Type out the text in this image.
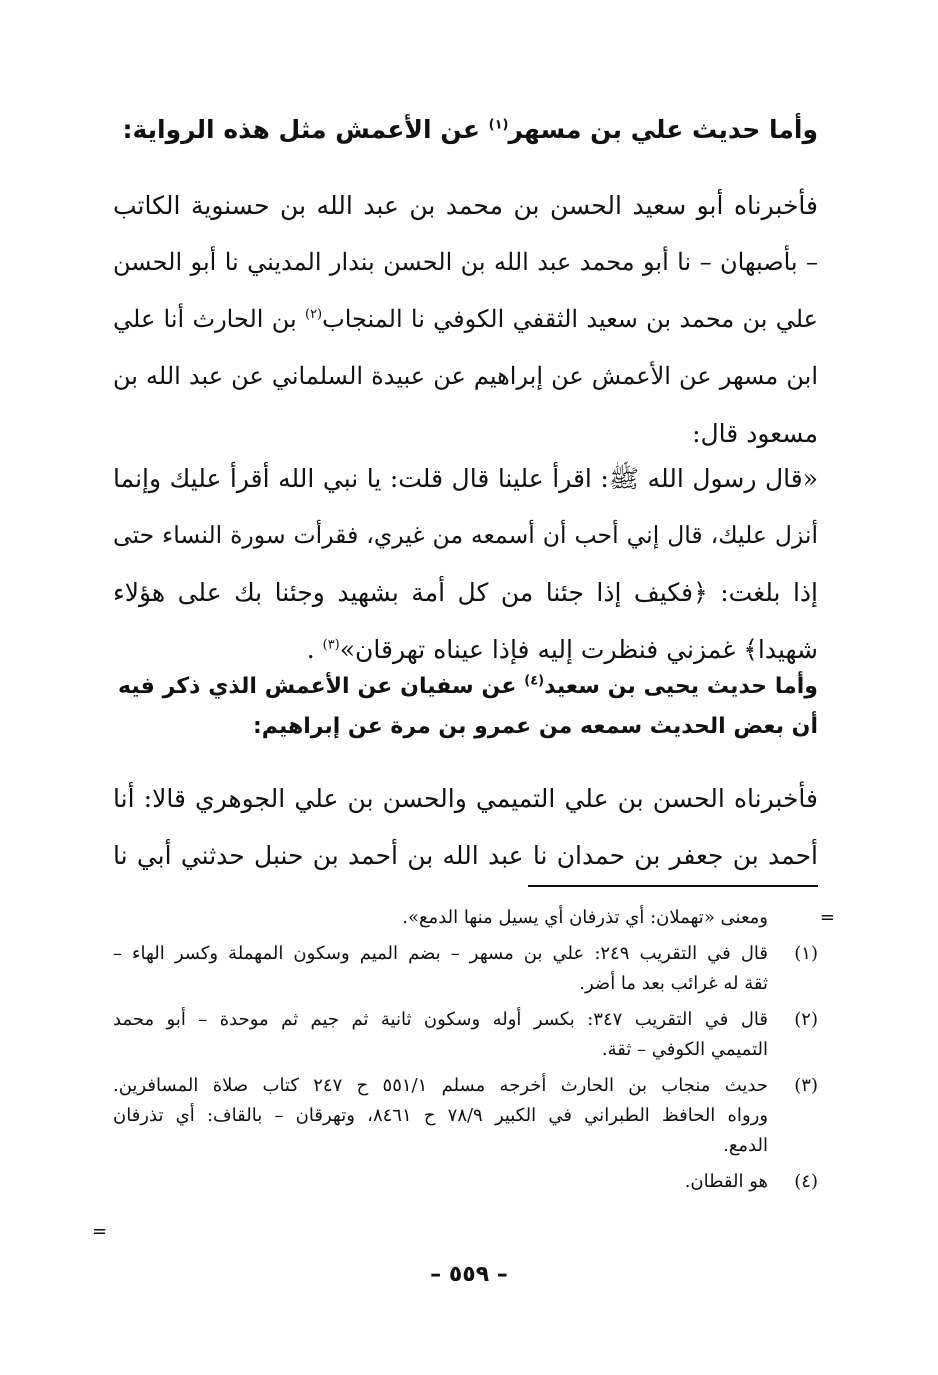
وأما حديث علي بن مسهر$^{(١)}$ عن الأعمش مثل هذه الرواية:
فأخبرناه أبو سعيد الحسن بن محمد بن عبد الله بن حسنوية الكاتب
– بأصبهان – نا أبو محمد عبد الله بن الحسن بندار المديني نا أبو الحسن
علي بن محمد بن سعيد الثقفي الكوفي نا المنجاب$^{(٢)}$ بن الحارث أنا علي
ابن مسهر عن الأعمش عن إبراهيم عن عبيدة السلماني عن عبد الله بن
مسعود قال:
«قال رسول الله ﷺ: اقرأ علينا قال قلت: يا نبي الله أقرأ عليك وإنما
أنزل عليك، قال إني أحب أن أسمعه من غيري، فقرأت سورة النساء حتى
إذا بلغت: ﴿فكيف إذا جئنا من كل أمة بشهيد وجئنا بك على هؤلاء
شهيدا﴾ غمزني فنظرت إليه فإذا عيناه تهرقان»$^{(٣)}$ .
وأما حديث يحيى بن سعيد$^{(٤)}$ عن سفيان عن الأعمش الذي ذكر فيه
أن بعض الحديث سمعه من عمرو بن مرة عن إبراهيم:
فأخبرناه الحسن بن علي التميمي والحسن بن علي الجوهري قالا: أنا
أحمد بن جعفر بن حمدان نا عبد الله بن أحمد بن حنبل حدثني أبي نا
=
ومعنى «تهملان: أي تذرفان أي يسيل منها الدمع».
(١)
قال في التقريب ٢٤٩: علي بن مسهر – بضم الميم وسكون المهملة وكسر الهاء –
ثقة له غرائب بعد ما أضر.
(٢)
قال في التقريب ٣٤٧: بكسر أوله وسكون ثانية ثم جيم ثم موحدة – أبو محمد
التميمي الكوفي – ثقة.
(٣)
حديث منجاب بن الحارث أخرجه مسلم ٥٥١/١ ح ٢٤٧ كتاب صلاة المسافرين.
ورواه الحافظ الطبراني في الكبير ٧٨/٩ ح ٨٤٦١، وتهرقان – بالقاف: أي تذرفان
الدمع.
(٤)
هو القطان.
=
– ٥٥٩ –
